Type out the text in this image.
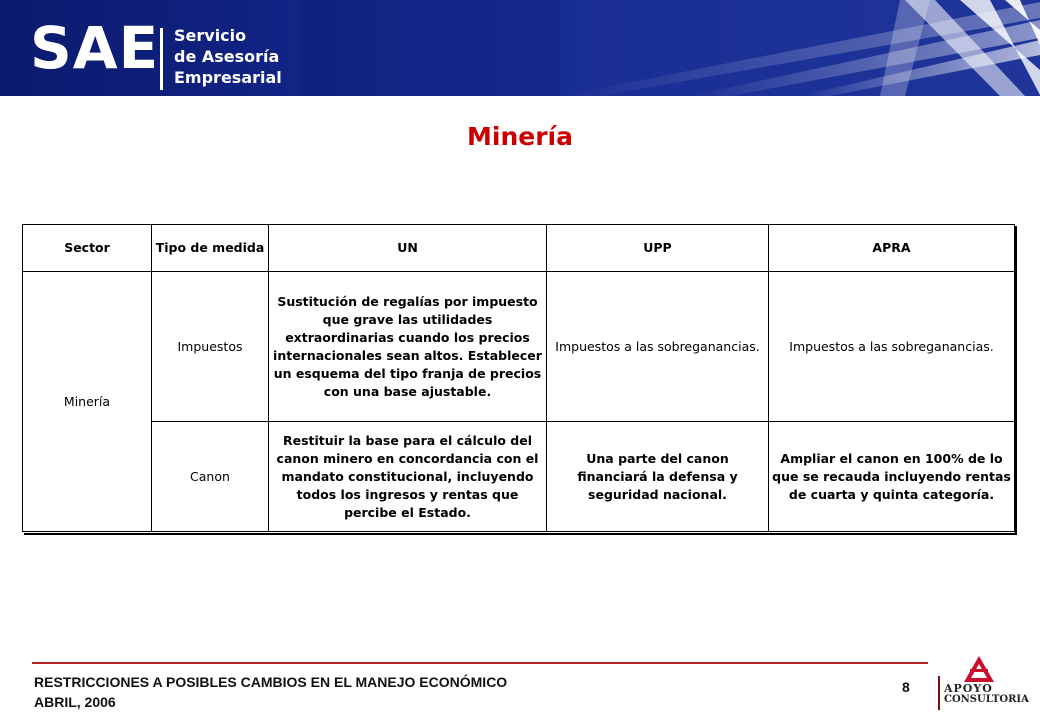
SAE Servicio
de Asesoría
Empresarial
Minería
Sector	Tipo de medida	UN	UPP	APRA
Minería	Impuestos	Sustitución de regalías por impuesto que grave las utilidades extraordinarias cuando los precios internacionales sean altos. Establecer un esquema del tipo franja de precios con una base ajustable.	Impuestos a las sobreganancias.	Impuestos a las sobreganancias.
	Canon	Restituir la base para el cálculo del canon minero en concordancia con el mandato constitucional, incluyendo todos los ingresos y rentas que percibe el Estado.	Una parte del canon financiará la defensa y seguridad nacional.	Ampliar el canon en 100% de lo que se recauda incluyendo rentas de cuarta y quinta categoría.
RESTRICCIONES A POSIBLES CAMBIOS EN EL MANEJO ECONÓMICO
ABRIL, 2006
8	APOYO
CONSULTORIA
